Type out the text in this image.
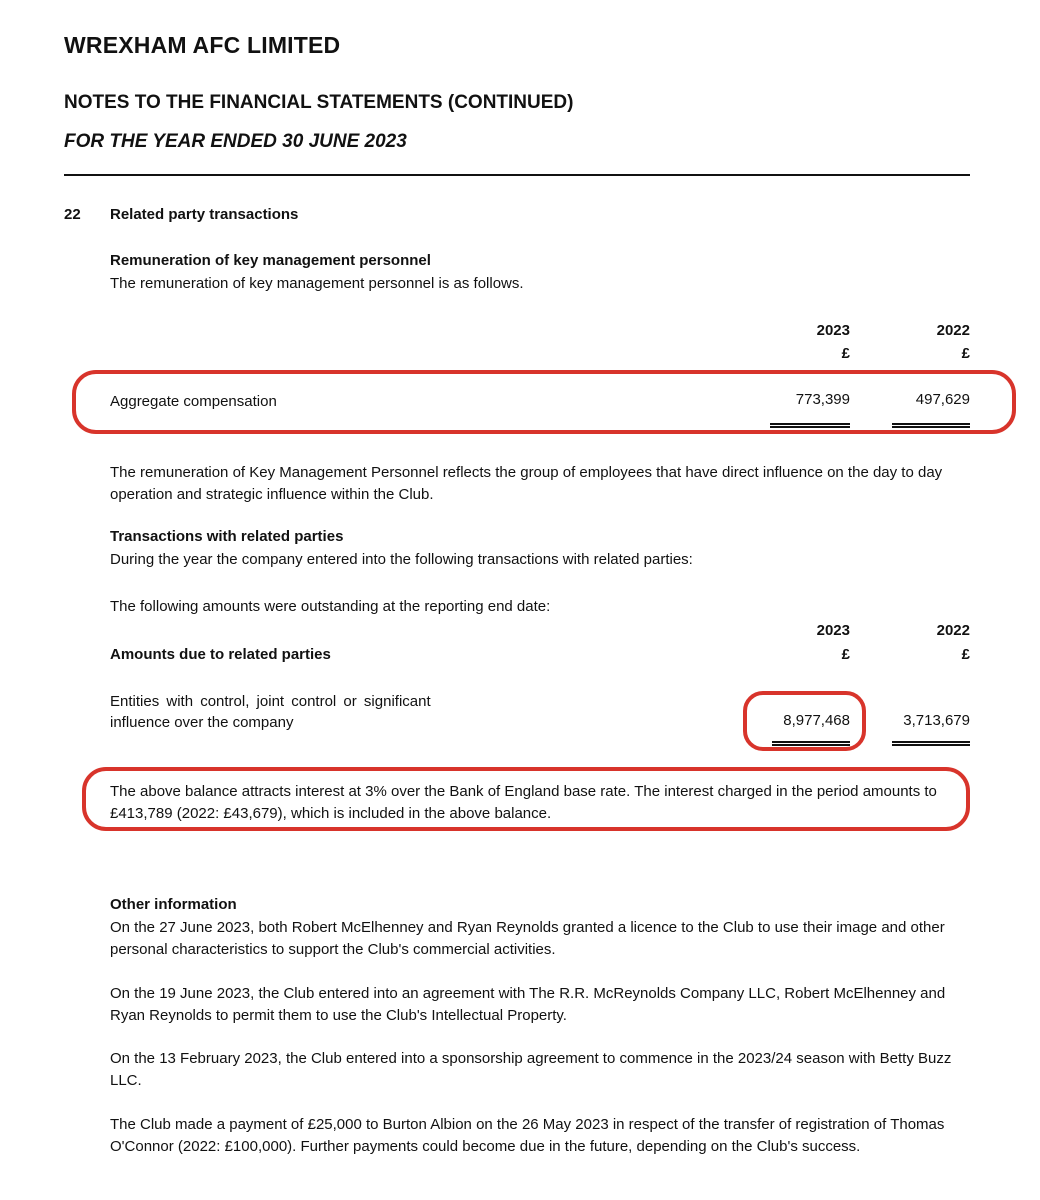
WREXHAM AFC LIMITED
NOTES TO THE FINANCIAL STATEMENTS (CONTINUED)
FOR THE YEAR ENDED 30 JUNE 2023
22 Related party transactions
Remuneration of key management personnel
The remuneration of key management personnel is as follows.
2023	2022
£	£
Aggregate compensation	773,399	497,629
The remuneration of Key Management Personnel reflects the group of employees that have direct influence on the day to day operation and strategic influence within the Club.
Transactions with related parties
During the year the company entered into the following transactions with related parties:
The following amounts were outstanding at the reporting end date:
2023	2022
Amounts due to related parties	£	£
Entities with control, joint control or significant
influence over the company	8,977,468	3,713,679
The above balance attracts interest at 3% over the Bank of England base rate. The interest charged in the period amounts to £413,789 (2022: £43,679), which is included in the above balance.
Other information
On the 27 June 2023, both Robert McElhenney and Ryan Reynolds granted a licence to the Club to use their image and other personal characteristics to support the Club's commercial activities.
On the 19 June 2023, the Club entered into an agreement with The R.R. McReynolds Company LLC, Robert McElhenney and Ryan Reynolds to permit them to use the Club's Intellectual Property.
On the 13 February 2023, the Club entered into a sponsorship agreement to commence in the 2023/24 season with Betty Buzz LLC.
The Club made a payment of £25,000 to Burton Albion on the 26 May 2023 in respect of the transfer of registration of Thomas O'Connor (2022: £100,000). Further payments could become due in the future, depending on the Club's success.
